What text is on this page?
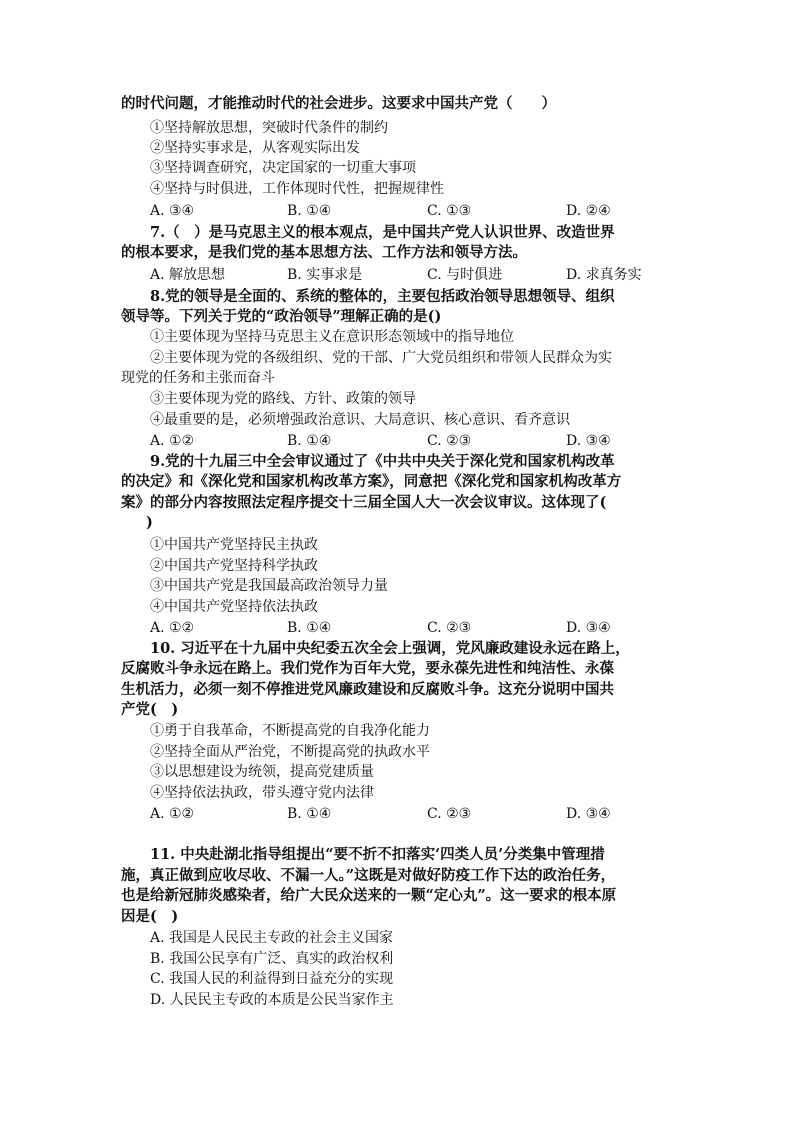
的时代问题，才能推动时代的社会进步。这要求中国共产党（　　）
①坚持解放思想，突破时代条件的制约
②坚持实事求是，从客观实际出发
③坚持调查研究，决定国家的一切重大事项
④坚持与时俱进，工作体现时代性，把握规律性
A. ③④	B. ①④	C. ①③	D. ②④
7.（　）是马克思主义的根本观点，是中国共产党人认识世界、改造世界
的根本要求，是我们党的基本思想方法、工作方法和领导方法。
A. 解放思想	B. 实事求是	C. 与时俱进	D. 求真务实
8.党的领导是全面的、系统的整体的，主要包括政治领导思想领导、组织
领导等。下列关于党的“政治领导”理解正确的是()
①主要体现为坚持马克思主义在意识形态领域中的指导地位
②主要体现为党的各级组织、党的干部、广大党员组织和带领人民群众为实
现党的任务和主张而奋斗
③主要体现为党的路线、方针、政策的领导
④最重要的是，必须增强政治意识、大局意识、核心意识、看齐意识
A. ①②	B. ①④	C. ②③	D. ③④
9.党的十九届三中全会审议通过了《中共中央关于深化党和国家机构改革
的决定》和《深化党和国家机构改革方案》，同意把《深化党和国家机构改革方
案》的部分内容按照法定程序提交十三届全国人大一次会议审议。这体现了(
)
①中国共产党坚持民主执政
②中国共产党坚持科学执政
③中国共产党是我国最高政治领导力量
④中国共产党坚持依法执政
A. ①②	B. ①④	C. ②③	D. ③④
10. 习近平在十九届中央纪委五次全会上强调，党风廉政建设永远在路上，
反腐败斗争永远在路上。我们党作为百年大党，要永葆先进性和纯洁性、永葆
生机活力，必须一刻不停推进党风廉政建设和反腐败斗争。这充分说明中国共
产党(　)
①勇于自我革命，不断提高党的自我净化能力
②坚持全面从严治党，不断提高党的执政水平
③以思想建设为统领，提高党建质量
④坚持依法执政，带头遵守党内法律
A. ①②	B. ①④	C. ②③	D. ③④
11. 中央赴湖北指导组提出“要不折不扣落实‘四类人员’分类集中管理措
施，真正做到应收尽收、不漏一人。”这既是对做好防疫工作下达的政治任务，
也是给新冠肺炎感染者，给广大民众送来的一颗“定心丸”。这一要求的根本原
因是(　)
A. 我国是人民民主专政的社会主义国家
B. 我国公民享有广泛、真实的政治权利
C. 我国人民的利益得到日益充分的实现
D. 人民民主专政的本质是公民当家作主
